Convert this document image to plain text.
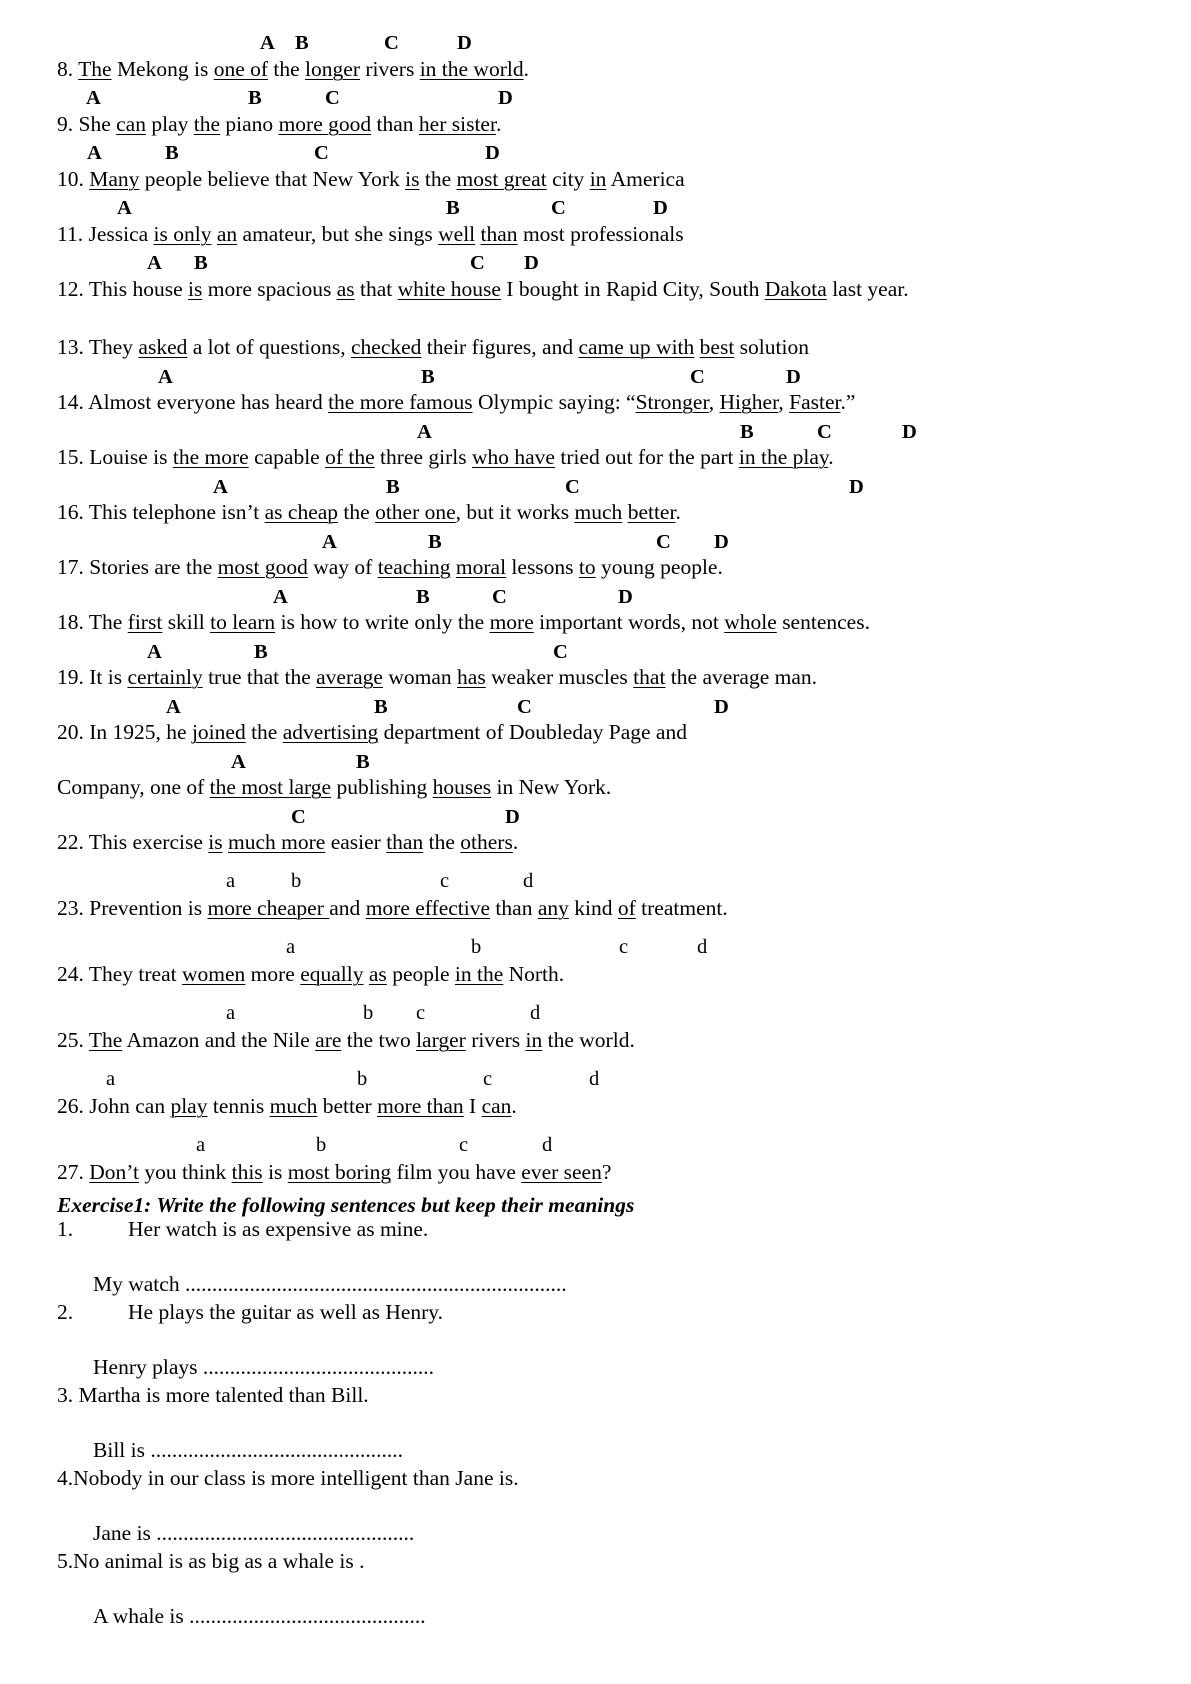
8. The Mekong is one of the longer rivers in the world.
9. She can play the piano more good than her sister.
10. Many people believe that New York is the most great city in America
11. Jessica is only an amateur, but she sings well than most professionals
12. This house is more spacious as that white house I bought in Rapid City, South Dakota last year.
13. They asked a lot of questions, checked their figures, and came up with best solution
14. Almost everyone has heard the more famous Olympic saying: “Stronger, Higher, Faster.”
15. Louise is the more capable of the three girls who have tried out for the part in the play.
16. This telephone isn’t as cheap the other one, but it works much better.
17. Stories are the most good way of teaching moral lessons to young people.
18. The first skill to learn is how to write only the more important words, not whole sentences.
19. It is certainly true that the average woman has weaker muscles that the average man.
20. In 1925, he joined the advertising department of Doubleday Page and
Company, one of the most large publishing houses in New York.
22. This exercise is much more easier than the others.
23. Prevention is more cheaper and more effective than any kind of treatment.
24. They treat women more equally as people in the North.
25. The Amazon and the Nile are the two larger rivers in the world.
26. John can play tennis much better more than I can.
27. Don’t you think this is most boring film you have ever seen?
A B	C	D
A	B	C	D
A	B	C	D
A	B	C	D
A B	C D
A	B	C	D
A	B	C	D
A	B	C	D
A	B	C D
A	B	C	D
A	B	C
A	B	C	D
A	B
C	D
a	b	c	d
a	b	c	d
a	b c	d
a	b	c	d
a	b	c	d
Exercise1: Write the following sentences but keep their meanings
1.	Her watch is as expensive as mine.
My watch .......................................................................
2.	He plays the guitar as well as Henry.
Henry plays ...........................................
3. Martha is more talented than Bill.
Bill is ...............................................
4.Nobody in our class is more intelligent than Jane is.
Jane is ................................................
5.No animal is as big as a whale is .
A whale is ............................................
